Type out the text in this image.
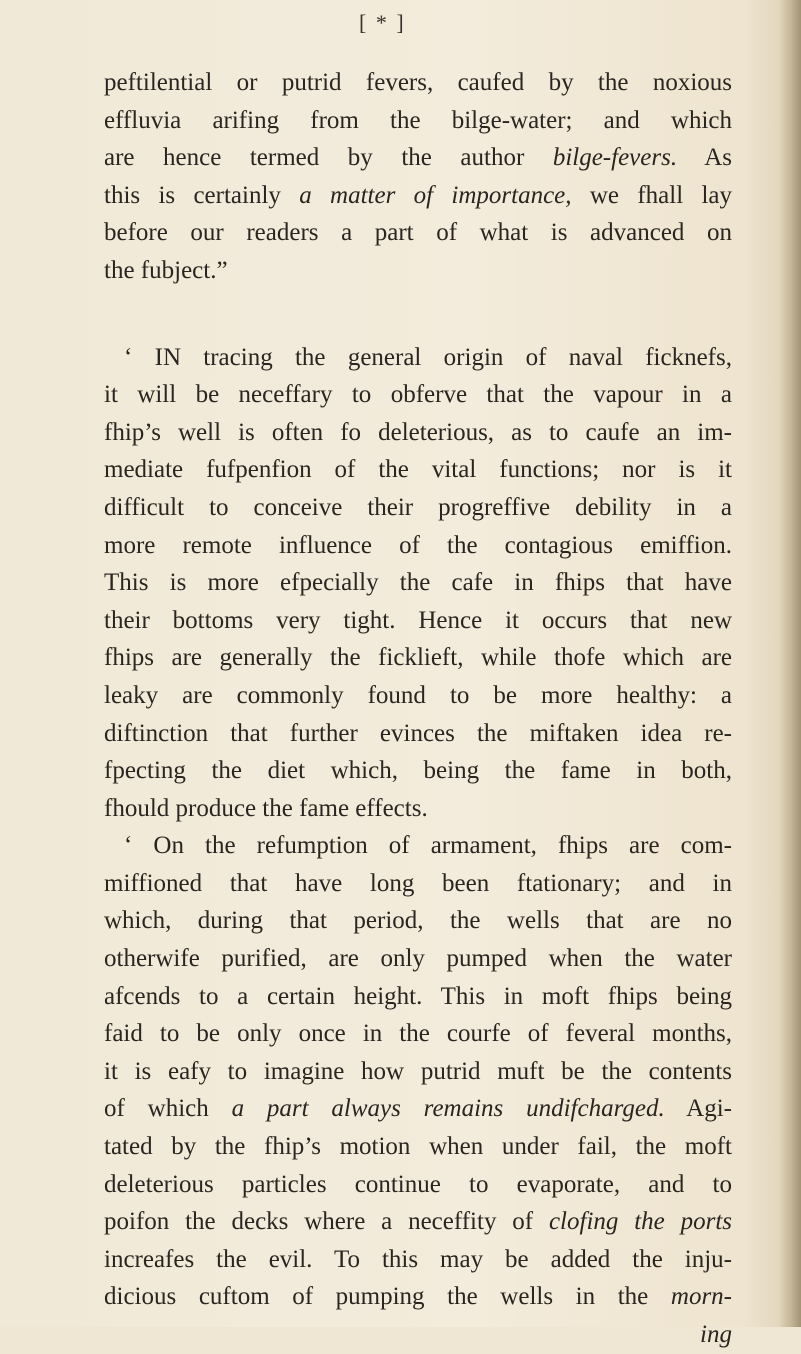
[ * ]

peftilential or putrid fevers, caufed by the noxious
effluvia arifing from the bilge-water; and which
are hence termed by the author bilge-fevers. As
this is certainly a matter of importance, we fhall lay
before our readers a part of what is advanced on
the fubject.”
‘ IN tracing the general origin of naval ficknefs,
it will be neceffary to obferve that the vapour in a
fhip’s well is often fo deleterious, as to caufe an im-
mediate fufpenfion of the vital functions; nor is it
difficult to conceive their progreffive debility in a
more remote influence of the contagious emiffion.
This is more efpecially the cafe in fhips that have
their bottoms very tight. Hence it occurs that new
fhips are generally the ficklieft, while thofe which are
leaky are commonly found to be more healthy: a
diftinction that further evinces the miftaken idea re-
fpecting the diet which, being the fame in both,
fhould produce the fame effects.
‘ On the refumption of armament, fhips are com-
miffioned that have long been ftationary; and in
which, during that period, the wells that are no
otherwife purified, are only pumped when the water
afcends to a certain height. This in moft fhips being
faid to be only once in the courfe of feveral months,
it is eafy to imagine how putrid muft be the contents
of which a part always remains undifcharged. Agi-
tated by the fhip’s motion when under fail, the moft
deleterious particles continue to evaporate, and to
poifon the decks where a neceffity of clofing the ports
increafes the evil. To this may be added the inju-
dicious cuftom of pumping the wells in the morn-
ing
